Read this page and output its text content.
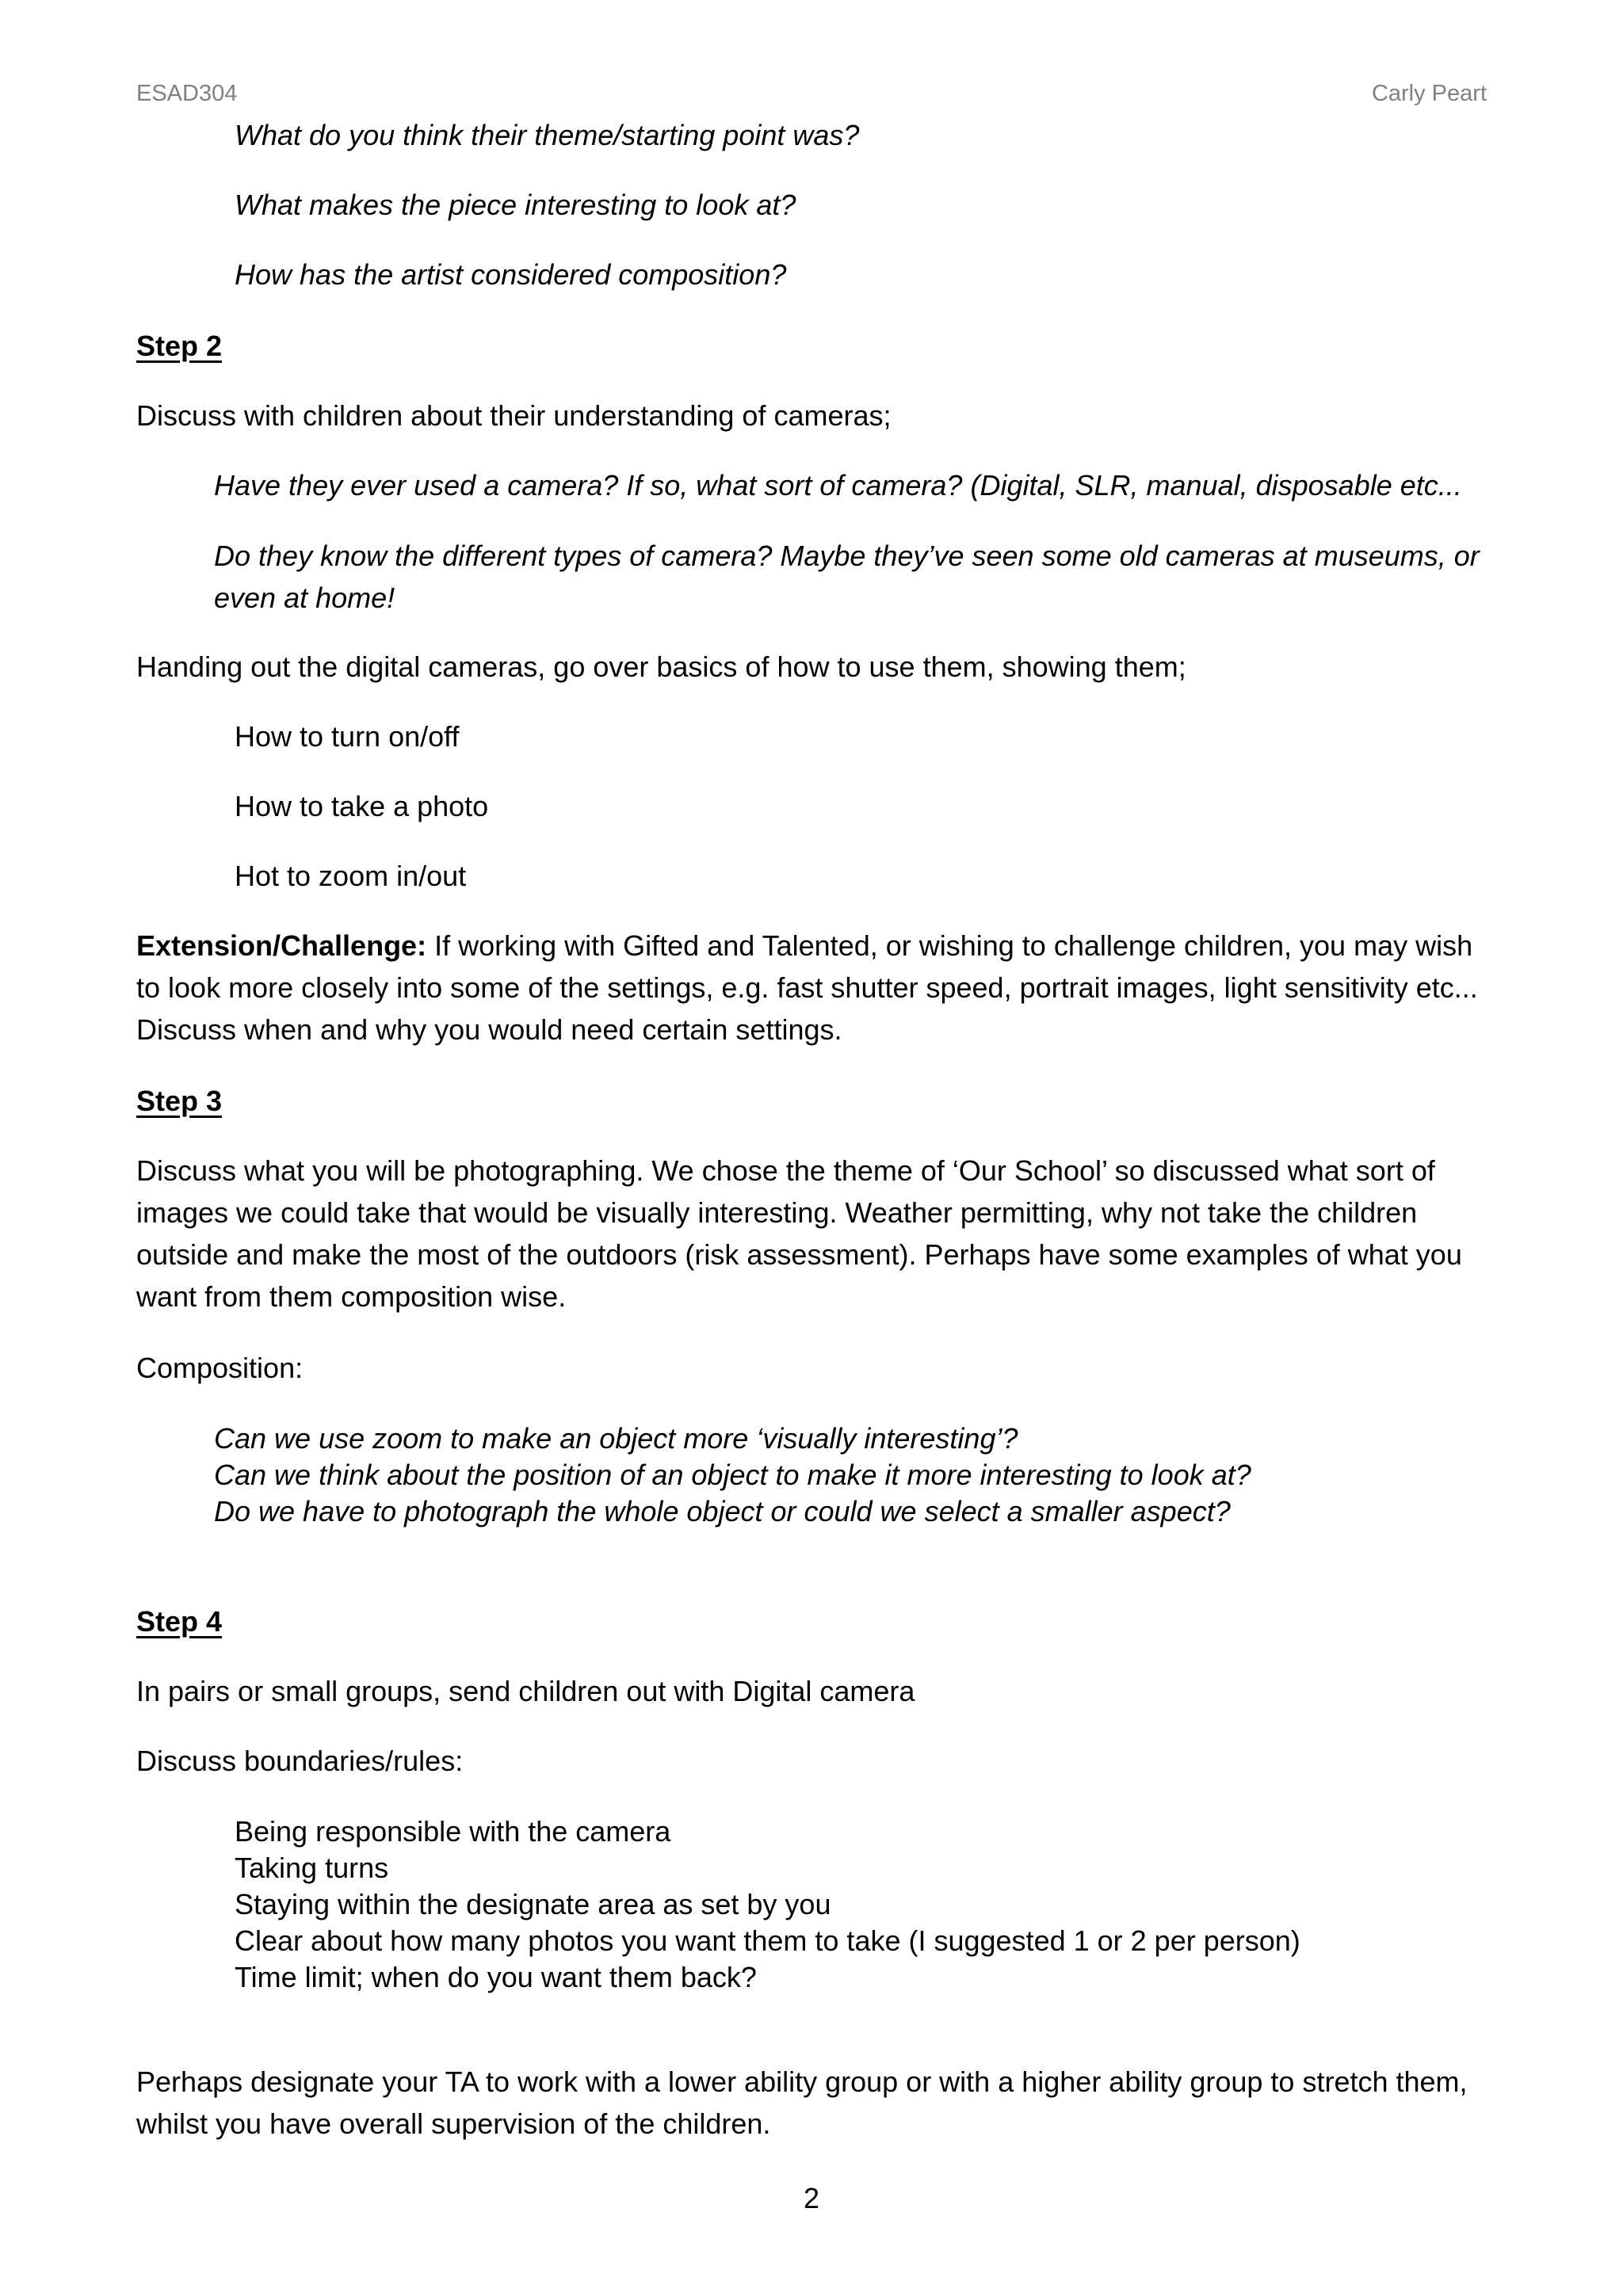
ESAD304	Carly Peart
What do you think their theme/starting point was?
What makes the piece interesting to look at?
How has the artist considered composition?
Step 2
Discuss with children about their understanding of cameras;
Have they ever used a camera? If so, what sort of camera? (Digital, SLR, manual, disposable etc...
Do they know the different types of camera? Maybe they’ve seen some old cameras at museums, or even at home!
Handing out the digital cameras, go over basics of how to use them, showing them;
How to turn on/off
How to take a photo
Hot to zoom in/out
Extension/Challenge: If working with Gifted and Talented, or wishing to challenge children, you may wish to look more closely into some of the settings, e.g. fast shutter speed, portrait images, light sensitivity etc... Discuss when and why you would need certain settings.
Step 3
Discuss what you will be photographing. We chose the theme of ‘Our School’ so discussed what sort of images we could take that would be visually interesting. Weather permitting, why not take the children outside and make the most of the outdoors (risk assessment). Perhaps have some examples of what you want from them composition wise.
Composition:
Can we use zoom to make an object more ‘visually interesting’?
Can we think about the position of an object to make it more interesting to look at?
Do we have to photograph the whole object or could we select a smaller aspect?
Step 4
In pairs or small groups, send children out with Digital camera
Discuss boundaries/rules:
Being responsible with the camera
Taking turns
Staying within the designate area as set by you
Clear about how many photos you want them to take (I suggested 1 or 2 per person)
Time limit; when do you want them back?
Perhaps designate your TA to work with a lower ability group or with a higher ability group to stretch them, whilst you have overall supervision of the children.
2
